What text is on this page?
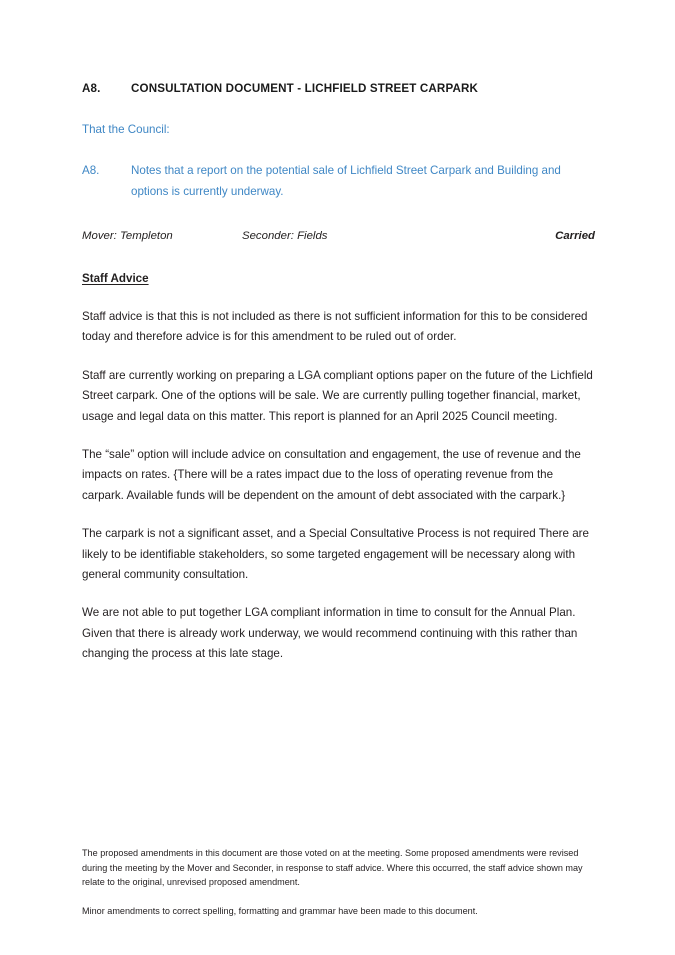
A8.	CONSULTATION DOCUMENT - LICHFIELD STREET CARPARK

That the Council:

A8.	Notes that a report on the potential sale of Lichfield Street Carpark and Building and options is currently underway.
Mover: Templeton	Seconder: Fields	Carried
Staff Advice

Staff advice is that this is not included as there is not sufficient information for this to be considered today and therefore advice is for this amendment to be ruled out of order.

Staff are currently working on preparing a LGA compliant options paper on the future of the Lichfield Street carpark. One of the options will be sale. We are currently pulling together financial, market, usage and legal data on this matter. This report is planned for an April 2025 Council meeting.

The “sale” option will include advice on consultation and engagement, the use of revenue and the impacts on rates. {There will be a rates impact due to the loss of operating revenue from the carpark. Available funds will be dependent on the amount of debt associated with the carpark.}

The carpark is not a significant asset, and a Special Consultative Process is not required There are likely to be identifiable stakeholders, so some targeted engagement will be necessary along with general community consultation.

We are not able to put together LGA compliant information in time to consult for the Annual Plan. Given that there is already work underway, we would recommend continuing with this rather than changing the process at this late stage.

The proposed amendments in this document are those voted on at the meeting. Some proposed amendments were revised during the meeting by the Mover and Seconder, in response to staff advice. Where this occurred, the staff advice shown may relate to the original, unrevised proposed amendment.

Minor amendments to correct spelling, formatting and grammar have been made to this document.
